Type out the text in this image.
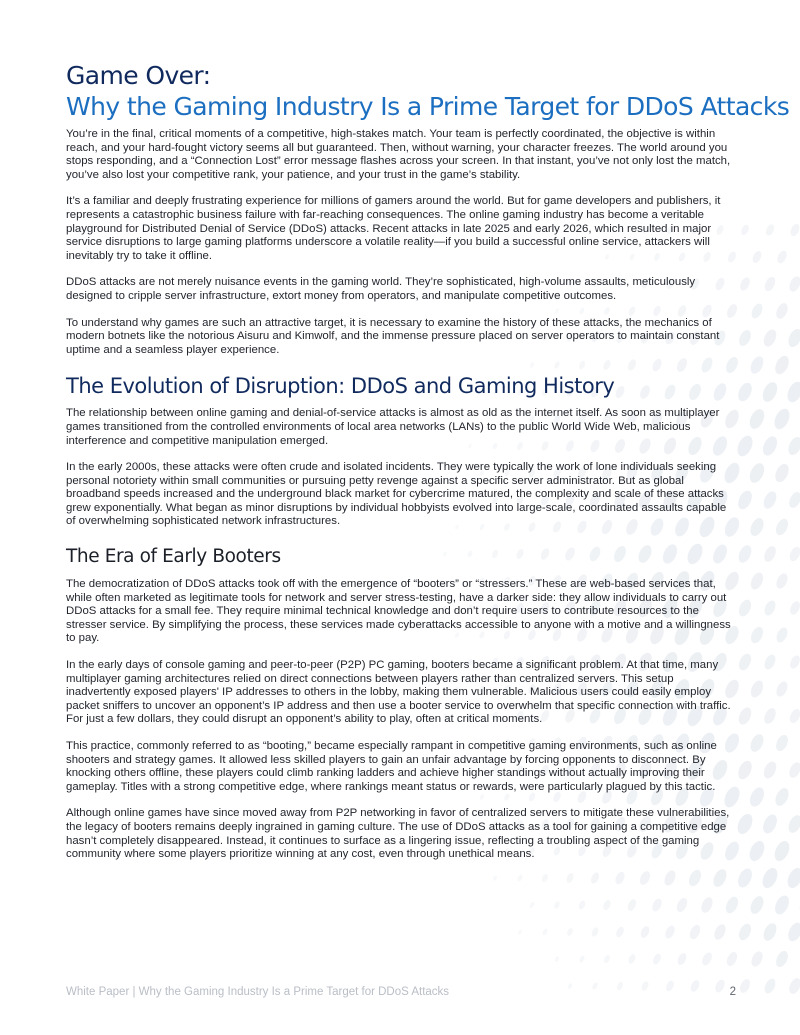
Game Over:
Why the Gaming Industry Is a Prime Target for DDoS Attacks

You’re in the final, critical moments of a competitive, high-stakes match. Your team is perfectly coordinated, the objective is within reach, and your hard-fought victory seems all but guaranteed. Then, without warning, your character freezes. The world around you stops responding, and a “Connection Lost” error message flashes across your screen. In that instant, you’ve not only lost the match, you’ve also lost your competitive rank, your patience, and your trust in the game’s stability.

It’s a familiar and deeply frustrating experience for millions of gamers around the world. But for game developers and publishers, it represents a catastrophic business failure with far-reaching consequences. The online gaming industry has become a veritable playground for Distributed Denial of Service (DDoS) attacks. Recent attacks in late 2025 and early 2026, which resulted in major service disruptions to large gaming platforms underscore a volatile reality—if you build a successful online service, attackers will inevitably try to take it offline.

DDoS attacks are not merely nuisance events in the gaming world. They’re sophisticated, high-volume assaults, meticulously designed to cripple server infrastructure, extort money from operators, and manipulate competitive outcomes.

To understand why games are such an attractive target, it is necessary to examine the history of these attacks, the mechanics of modern botnets like the notorious Aisuru and Kimwolf, and the immense pressure placed on server operators to maintain constant uptime and a seamless player experience.

The Evolution of Disruption: DDoS and Gaming History

The relationship between online gaming and denial-of-service attacks is almost as old as the internet itself. As soon as multiplayer games transitioned from the controlled environments of local area networks (LANs) to the public World Wide Web, malicious interference and competitive manipulation emerged.

In the early 2000s, these attacks were often crude and isolated incidents. They were typically the work of lone individuals seeking personal notoriety within small communities or pursuing petty revenge against a specific server administrator. But as global broadband speeds increased and the underground black market for cybercrime matured, the complexity and scale of these attacks grew exponentially. What began as minor disruptions by individual hobbyists evolved into large-scale, coordinated assaults capable of overwhelming sophisticated network infrastructures.

The Era of Early Booters

The democratization of DDoS attacks took off with the emergence of “booters” or “stressers.” These are web-based services that, while often marketed as legitimate tools for network and server stress-testing, have a darker side: they allow individuals to carry out DDoS attacks for a small fee. They require minimal technical knowledge and don’t require users to contribute resources to the stresser service. By simplifying the process, these services made cyberattacks accessible to anyone with a motive and a willingness to pay.

In the early days of console gaming and peer-to-peer (P2P) PC gaming, booters became a significant problem. At that time, many multiplayer gaming architectures relied on direct connections between players rather than centralized servers. This setup inadvertently exposed players' IP addresses to others in the lobby, making them vulnerable. Malicious users could easily employ packet sniffers to uncover an opponent’s IP address and then use a booter service to overwhelm that specific connection with traffic. For just a few dollars, they could disrupt an opponent’s ability to play, often at critical moments.

This practice, commonly referred to as “booting,” became especially rampant in competitive gaming environments, such as online shooters and strategy games. It allowed less skilled players to gain an unfair advantage by forcing opponents to disconnect. By knocking others offline, these players could climb ranking ladders and achieve higher standings without actually improving their gameplay. Titles with a strong competitive edge, where rankings meant status or rewards, were particularly plagued by this tactic.

Although online games have since moved away from P2P networking in favor of centralized servers to mitigate these vulnerabilities, the legacy of booters remains deeply ingrained in gaming culture. The use of DDoS attacks as a tool for gaining a competitive edge hasn’t completely disappeared. Instead, it continues to surface as a lingering issue, reflecting a troubling aspect of the gaming community where some players prioritize winning at any cost, even through unethical means.

White Paper | Why the Gaming Industry Is a Prime Target for DDoS Attacks	2
